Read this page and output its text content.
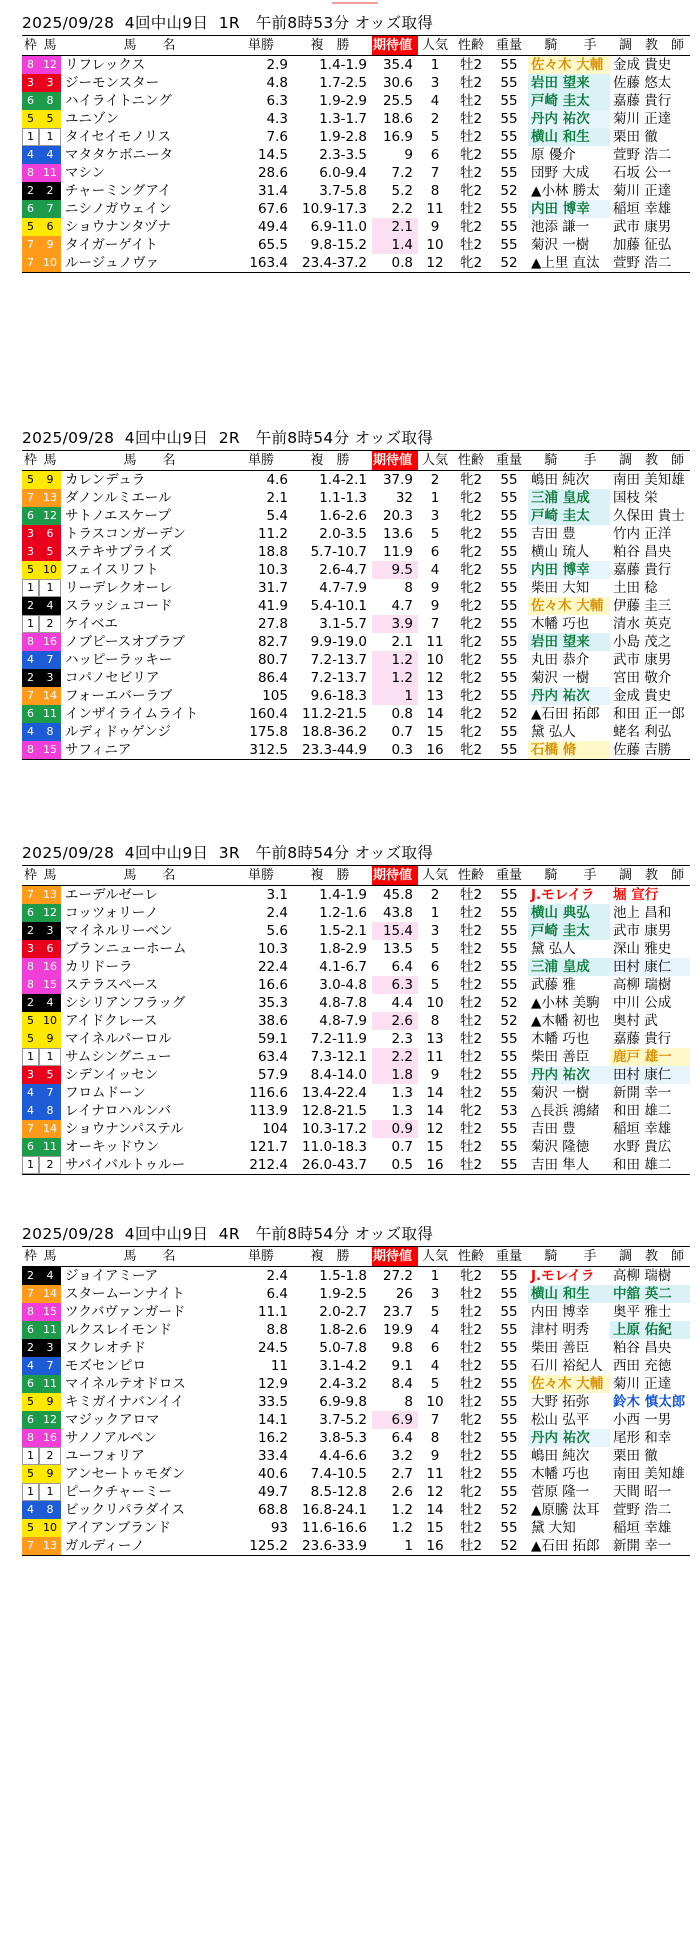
2025/09/28  4回中山9日  1R   午前8時53分 オッズ取得
枠	馬	馬　　名	単勝	複　勝	期待値	人気	性齢	重量	騎　　手	調　教　師
8	12	リフレックス	2.9	1.4-1.9	35.4	1	牡2	55	佐々木 大輔	金成 貴史
3	3	ジーモンスター	4.8	1.7-2.5	30.6	3	牡2	55	岩田 望来	佐藤 悠太
6	8	ハイライトニング	6.3	1.9-2.9	25.5	4	牡2	55	戸崎 圭太	嘉藤 貴行
5	5	ユニゾン	4.3	1.3-1.7	18.6	2	牡2	55	丹内 祐次	菊川 正達
1	1	タイセイモノリス	7.6	1.9-2.8	16.9	5	牡2	55	横山 和生	栗田 徹
4	4	マタタケボニータ	14.5	2.3-3.5	9	6	牝2	55	原 優介	萱野 浩二
8	11	マシン	28.6	6.0-9.4	7.2	7	牡2	55	団野 大成	石坂 公一
2	2	チャーミングアイ	31.4	3.7-5.8	5.2	8	牝2	52	▲小林 勝太	菊川 正達
6	7	ニシノガウェイン	67.6	10.9-17.3	2.2	11	牡2	55	内田 博幸	稲垣 幸雄
5	6	ショウナンタヅナ	49.4	6.9-11.0	2.1	9	牝2	55	池添 謙一	武市 康男
7	9	タイガーゲイト	65.5	9.8-15.2	1.4	10	牡2	55	菊沢 一樹	加藤 征弘
7	10	ルージュノヴァ	163.4	23.4-37.2	0.8	12	牝2	52	▲上里 直汰	萱野 浩二
2025/09/28  4回中山9日  2R   午前8時54分 オッズ取得
枠	馬	馬　　名	単勝	複　勝	期待値	人気	性齢	重量	騎　　手	調　教　師
5	9	カレンデュラ	4.6	1.4-2.1	37.9	2	牝2	55	嶋田 純次	南田 美知雄
7	13	ダノンルミエール	2.1	1.1-1.3	32	1	牝2	55	三浦 皇成	国枝 栄
6	12	サトノエスケープ	5.4	1.6-2.6	20.3	3	牝2	55	戸崎 圭太	久保田 貴士
3	6	トラスコンガーデン	11.2	2.0-3.5	13.6	5	牝2	55	吉田 豊	竹内 正洋
3	5	ステキサプライズ	18.8	5.7-10.7	11.9	6	牝2	55	横山 琉人	粕谷 昌央
5	10	フェイスリフト	10.3	2.6-4.7	9.5	4	牝2	55	内田 博幸	嘉藤 貴行
1	1	リーデレクオーレ	31.7	4.7-7.9	8	9	牝2	55	柴田 大知	土田 稔
2	4	スラッシュコード	41.9	5.4-10.1	4.7	9	牝2	55	佐々木 大輔	伊藤 圭三
1	2	ケイベエ	27.8	3.1-5.7	3.9	7	牝2	55	木幡 巧也	清水 英克
8	16	ノブピースオブラブ	82.7	9.9-19.0	2.1	11	牝2	55	岩田 望来	小島 茂之
4	7	ハッピーラッキー	80.7	7.2-13.7	1.2	10	牝2	55	丸田 恭介	武市 康男
2	3	コパノセビリア	86.4	7.2-13.7	1.2	12	牝2	55	菊沢 一樹	宮田 敬介
7	14	フォーエバーラブ	105	9.6-18.3	1	13	牝2	55	丹内 祐次	金成 貴史
6	11	インザイライムライト	160.4	11.2-21.5	0.8	14	牝2	52	▲石田 拓郎	和田 正一郎
4	8	ルディドゥゲンジ	175.8	18.8-36.2	0.7	15	牝2	55	黛 弘人	蛯名 利弘
8	15	サフィニア	312.5	23.3-44.9	0.3	16	牝2	55	石橋 脩	佐藤 吉勝
2025/09/28  4回中山9日  3R   午前8時54分 オッズ取得
枠	馬	馬　　名	単勝	複　勝	期待値	人気	性齢	重量	騎　　手	調　教　師
7	13	エーデルゼーレ	3.1	1.4-1.9	45.8	2	牡2	55	J.モレイラ	堀 宣行
6	12	コッツォリーノ	2.4	1.2-1.6	43.8	1	牡2	55	横山 典弘	池上 昌和
2	3	マイネルリーベン	5.6	1.5-2.1	15.4	3	牡2	55	戸崎 圭太	武市 康男
3	6	ブランニューホーム	10.3	1.8-2.9	13.5	5	牡2	55	黛 弘人	深山 雅史
8	16	カリドーラ	22.4	4.1-6.7	6.4	6	牡2	55	三浦 皇成	田村 康仁
8	15	ステラスペース	16.6	3.0-4.8	6.3	5	牡2	55	武藤 雅	高柳 瑞樹
2	4	シシリアンフラッグ	35.3	4.8-7.8	4.4	10	牡2	52	▲小林 美駒	中川 公成
5	10	アイドクレース	38.6	4.8-7.9	2.6	8	牡2	52	▲木幡 初也	奥村 武
5	9	マイネルパーロル	59.1	7.2-11.9	2.3	13	牡2	55	木幡 巧也	嘉藤 貴行
1	1	サムシングニュー	63.4	7.3-12.1	2.2	11	牡2	55	柴田 善臣	鹿戸 雄一
3	5	シデンイッセン	57.9	8.4-14.0	1.8	9	牡2	55	丹内 祐次	田村 康仁
4	7	フロムドーン	116.6	13.4-22.4	1.3	14	牡2	55	菊沢 一樹	新開 幸一
4	8	レイナロハルンバ	113.9	12.8-21.5	1.3	14	牝2	53	△長浜 鴻緒	和田 雄二
7	14	ショウナンパステル	104	10.3-17.2	0.9	12	牡2	55	吉田 豊	稲垣 幸雄
6	11	オーキッドウン	121.7	11.0-18.3	0.7	15	牡2	55	菊沢 隆徳	水野 貴広
1	2	サバイバルトゥルー	212.4	26.0-43.7	0.5	16	牡2	55	吉田 隼人	和田 雄二
2025/09/28  4回中山9日  4R   午前8時54分 オッズ取得
枠	馬	馬　　名	単勝	複　勝	期待値	人気	性齢	重量	騎　　手	調　教　師
2	4	ジョイアミーア	2.4	1.5-1.8	27.2	1	牝2	55	J.モレイラ	高柳 瑞樹
7	14	スタームーンナイト	6.4	1.9-2.5	26	3	牡2	55	横山 和生	中舘 英二
8	15	ツクバヴァンガード	11.1	2.0-2.7	23.7	5	牡2	55	内田 博幸	奥平 雅士
6	11	ルクスレイモンド	8.8	1.8-2.6	19.9	4	牡2	55	津村 明秀	上原 佑紀
2	3	ヌクレオチド	24.5	5.0-7.8	9.8	6	牡2	55	柴田 善臣	粕谷 昌央
4	7	モズセンピロ	11	3.1-4.2	9.1	4	牡2	55	石川 裕紀人	西田 充徳
6	11	マイネルテオドロス	12.9	2.4-3.2	8.4	5	牡2	55	佐々木 大輔	菊川 正達
5	9	キミガイナバンイイ	33.5	6.9-9.8	8	10	牡2	55	大野 拓弥	鈴木 慎太郎
6	12	マジックアロマ	14.1	3.7-5.2	6.9	7	牝2	55	松山 弘平	小西 一男
8	16	サノノアルペン	16.2	3.8-5.3	6.4	8	牡2	55	丹内 祐次	尾形 和幸
1	2	ユーフォリア	33.4	4.4-6.6	3.2	9	牡2	55	嶋田 純次	栗田 徹
5	9	アンセートゥモダン	40.6	7.4-10.5	2.7	11	牡2	55	木幡 巧也	南田 美知雄
1	1	ピークチャーミー	49.7	8.5-12.8	2.6	12	牝2	55	菅原 隆一	天間 昭一
4	8	ビックリパラダイス	68.8	16.8-24.1	1.2	14	牡2	52	▲原騰 汰耳	萱野 浩二
5	10	アイアンブランド	93	11.6-16.6	1.2	15	牡2	55	黛 大知	稲垣 幸雄
7	13	ガルディーノ	125.2	23.6-33.9	1	16	牡2	52	▲石田 拓郎	新開 幸一
